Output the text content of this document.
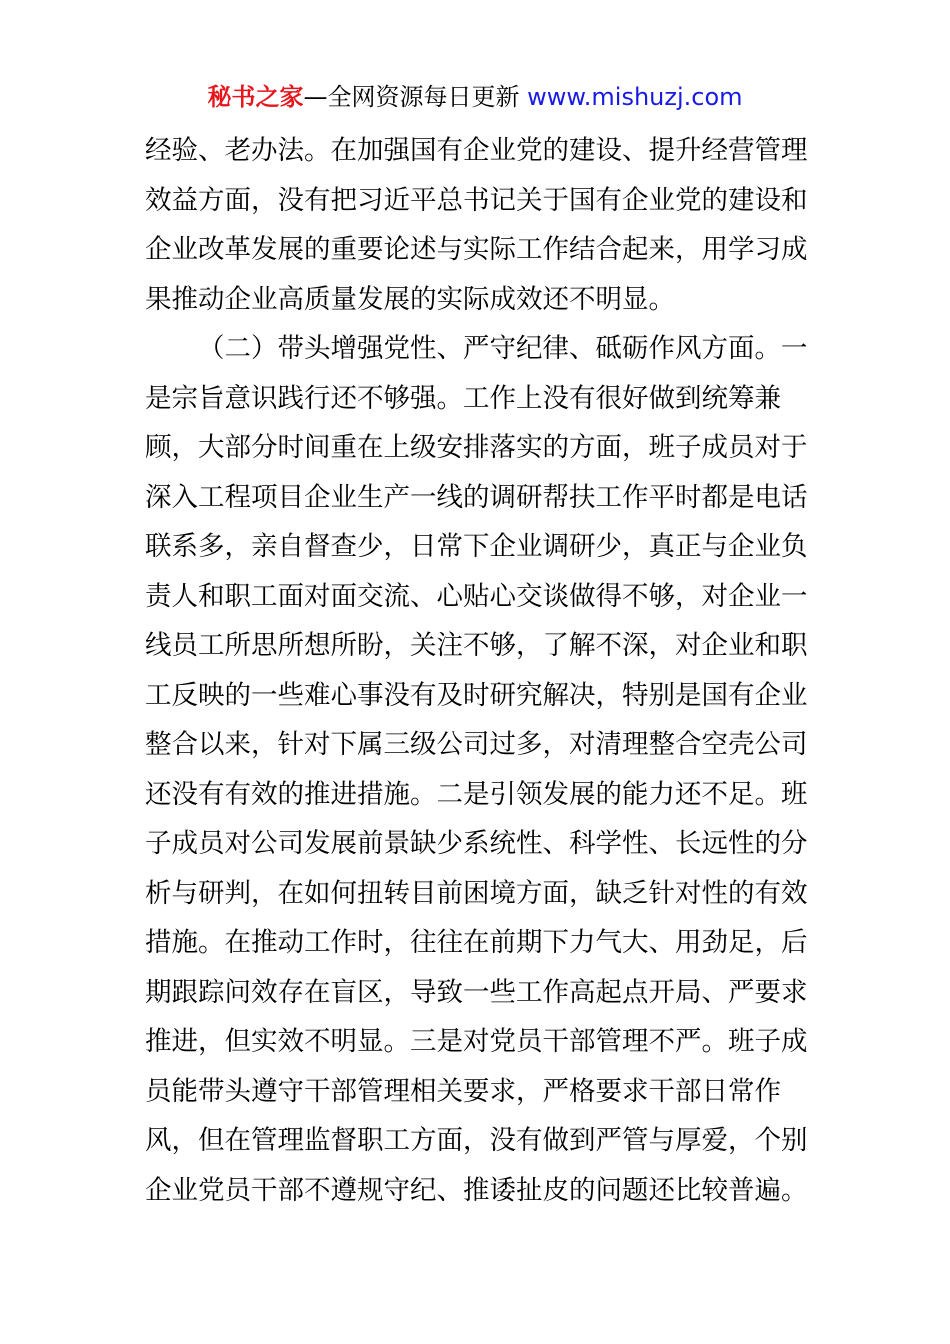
秘书之家—全网资源每日更新 www.mishuzj.com
经验、老办法。在加强国有企业党的建设、提升经营管理
效益方面，没有把习近平总书记关于国有企业党的建设和
企业改革发展的重要论述与实际工作结合起来，用学习成
果推动企业高质量发展的实际成效还不明显。
（二）带头增强党性、严守纪律、砥砺作风方面。一
是宗旨意识践行还不够强。工作上没有很好做到统筹兼
顾，大部分时间重在上级安排落实的方面，班子成员对于
深入工程项目企业生产一线的调研帮扶工作平时都是电话
联系多，亲自督查少，日常下企业调研少，真正与企业负
责人和职工面对面交流、心贴心交谈做得不够，对企业一
线员工所思所想所盼，关注不够，了解不深，对企业和职
工反映的一些难心事没有及时研究解决，特别是国有企业
整合以来，针对下属三级公司过多，对清理整合空壳公司
还没有有效的推进措施。二是引领发展的能力还不足。班
子成员对公司发展前景缺少系统性、科学性、长远性的分
析与研判，在如何扭转目前困境方面，缺乏针对性的有效
措施。在推动工作时，往往在前期下力气大、用劲足，后
期跟踪问效存在盲区，导致一些工作高起点开局、严要求
推进，但实效不明显。三是对党员干部管理不严。班子成
员能带头遵守干部管理相关要求，严格要求干部日常作
风，但在管理监督职工方面，没有做到严管与厚爱，个别
企业党员干部不遵规守纪、推诿扯皮的问题还比较普遍。
